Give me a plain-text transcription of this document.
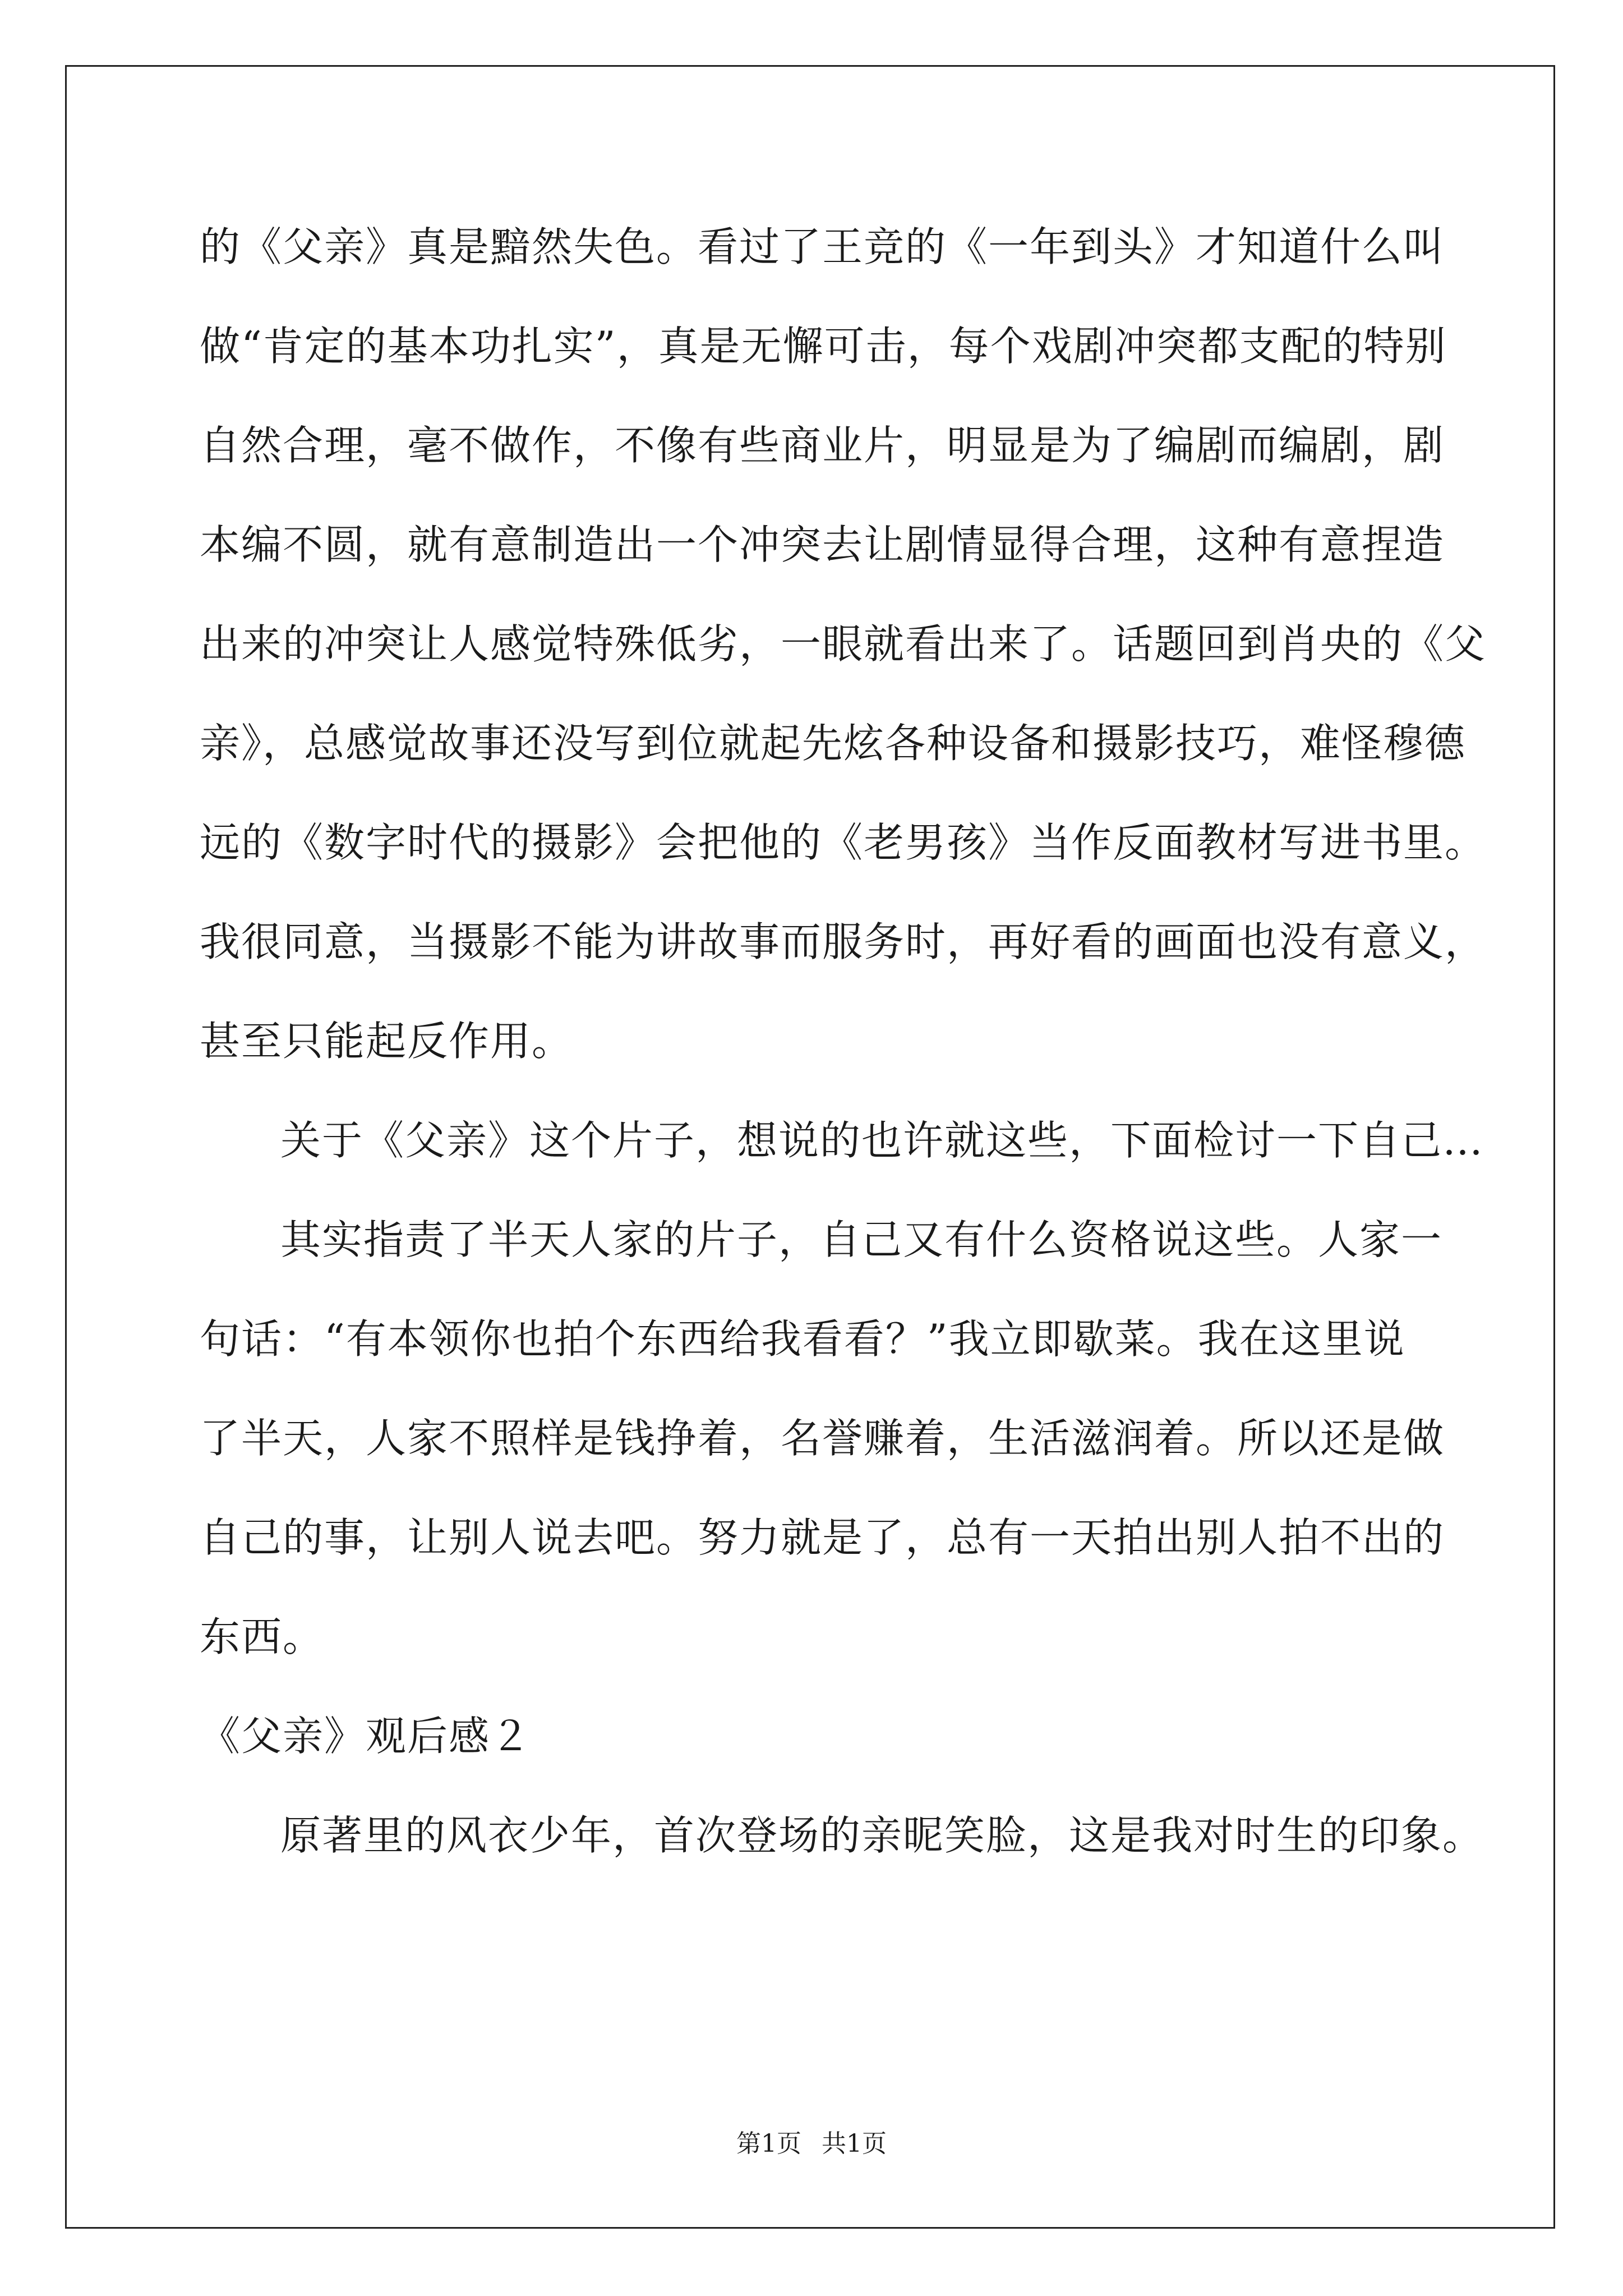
的《父亲》真是黯然失色。看过了王竞的《一年到头》才知道什么叫
做“肯定的基本功扎实”，真是无懈可击，每个戏剧冲突都支配的特别
自然合理，毫不做作，不像有些商业片，明显是为了编剧而编剧，剧
本编不圆，就有意制造出一个冲突去让剧情显得合理，这种有意捏造
出来的冲突让人感觉特殊低劣，一眼就看出来了。话题回到肖央的《父
亲》，总感觉故事还没写到位就起先炫各种设备和摄影技巧，难怪穆德
远的《数字时代的摄影》会把他的《老男孩》当作反面教材写进书里。
我很同意，当摄影不能为讲故事而服务时，再好看的画面也没有意义，
甚至只能起反作用。
关于《父亲》这个片子，想说的也许就这些，下面检讨一下自己…
其实指责了半天人家的片子，自己又有什么资格说这些。人家一
句话：“有本领你也拍个东西给我看看？”我立即歇菜。我在这里说
了半天，人家不照样是钱挣着，名誉赚着，生活滋润着。所以还是做
自己的事，让别人说去吧。努力就是了，总有一天拍出别人拍不出的
东西。
《父亲》观后感２
原著里的风衣少年，首次登场的亲昵笑脸，这是我对时生的印象。
第1页 共1页
